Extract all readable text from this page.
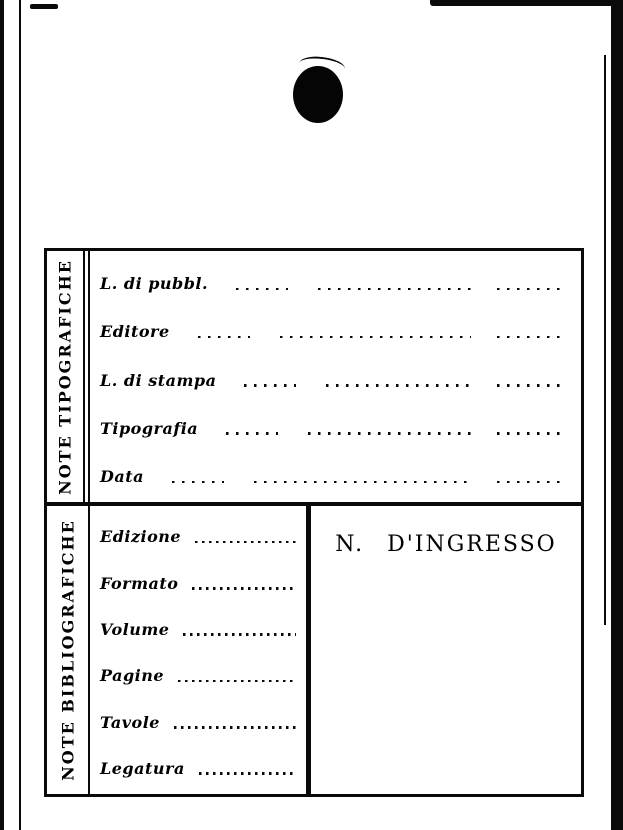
NOTE TIPOGRAFICHE L. di pubbl.
Editore
L. di stampa
Tipografia
Data
NOTE BIBLIOGRAFICHE Edizione
Formato
Volume
Pagine
Tavole
Legatura
N. D'INGRESSO
